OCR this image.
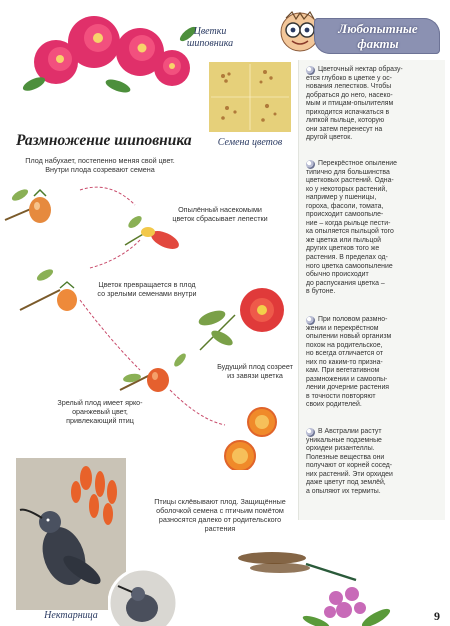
Цветки шиповника
Семена цветов
Любопытные факты
Размножение шиповника
Плод набухает, постепенно меняя свой цвет. Внутри плода созревают семена
Опылённый насекомыми цветок сбрасывает лепестки
Цветок превращается в плод со зрелыми семенами внутри
Будущий плод созреет из завязи цветка
Зрелый плод имеет ярко-оранжевый цвет, привлекающий птиц
Птицы склёвывают плод. Защищённые оболочкой семена с птичьим помётом разносятся далеко от родительского растения
Нектарница
Цветочный нектар образу-
ется глубоко в цветке у ос-
нования лепестков. Чтобы
добраться до него, насеко-
мым и птицам-опылителям
приходится испачкаться в
липкой пыльце, которую
они затем перенесут на
другой цветок.
Перекрёстное опыление
типично для большинства
цветковых растений. Одна-
ко у некоторых растений,
например у пшеницы,
гороха, фасоли, томата,
происходит самоопыле-
ние – когда рыльце пести-
ка опыляется пыльцой того
же цветка или пыльцой
других цветков того же
растения. В пределах од-
ного цветка самоопыление
обычно происходит
до распускания цветка –
в бутоне.
При половом размно-
жении и перекрёстном
опылении новый организм
похож на родительское,
но всегда отличается от
них по каким-то призна-
кам. При вегетативном
размножении и самоопы-
лении дочерние растения
в точности повторяют
своих родителей.
В Австралии растут
уникальные подземные
орхидеи ризантеллы.
Полезные вещества они
получают от корней сосед-
них растений. Эти орхидеи
даже цветут под землёй,
а опыляют их термиты.
9
